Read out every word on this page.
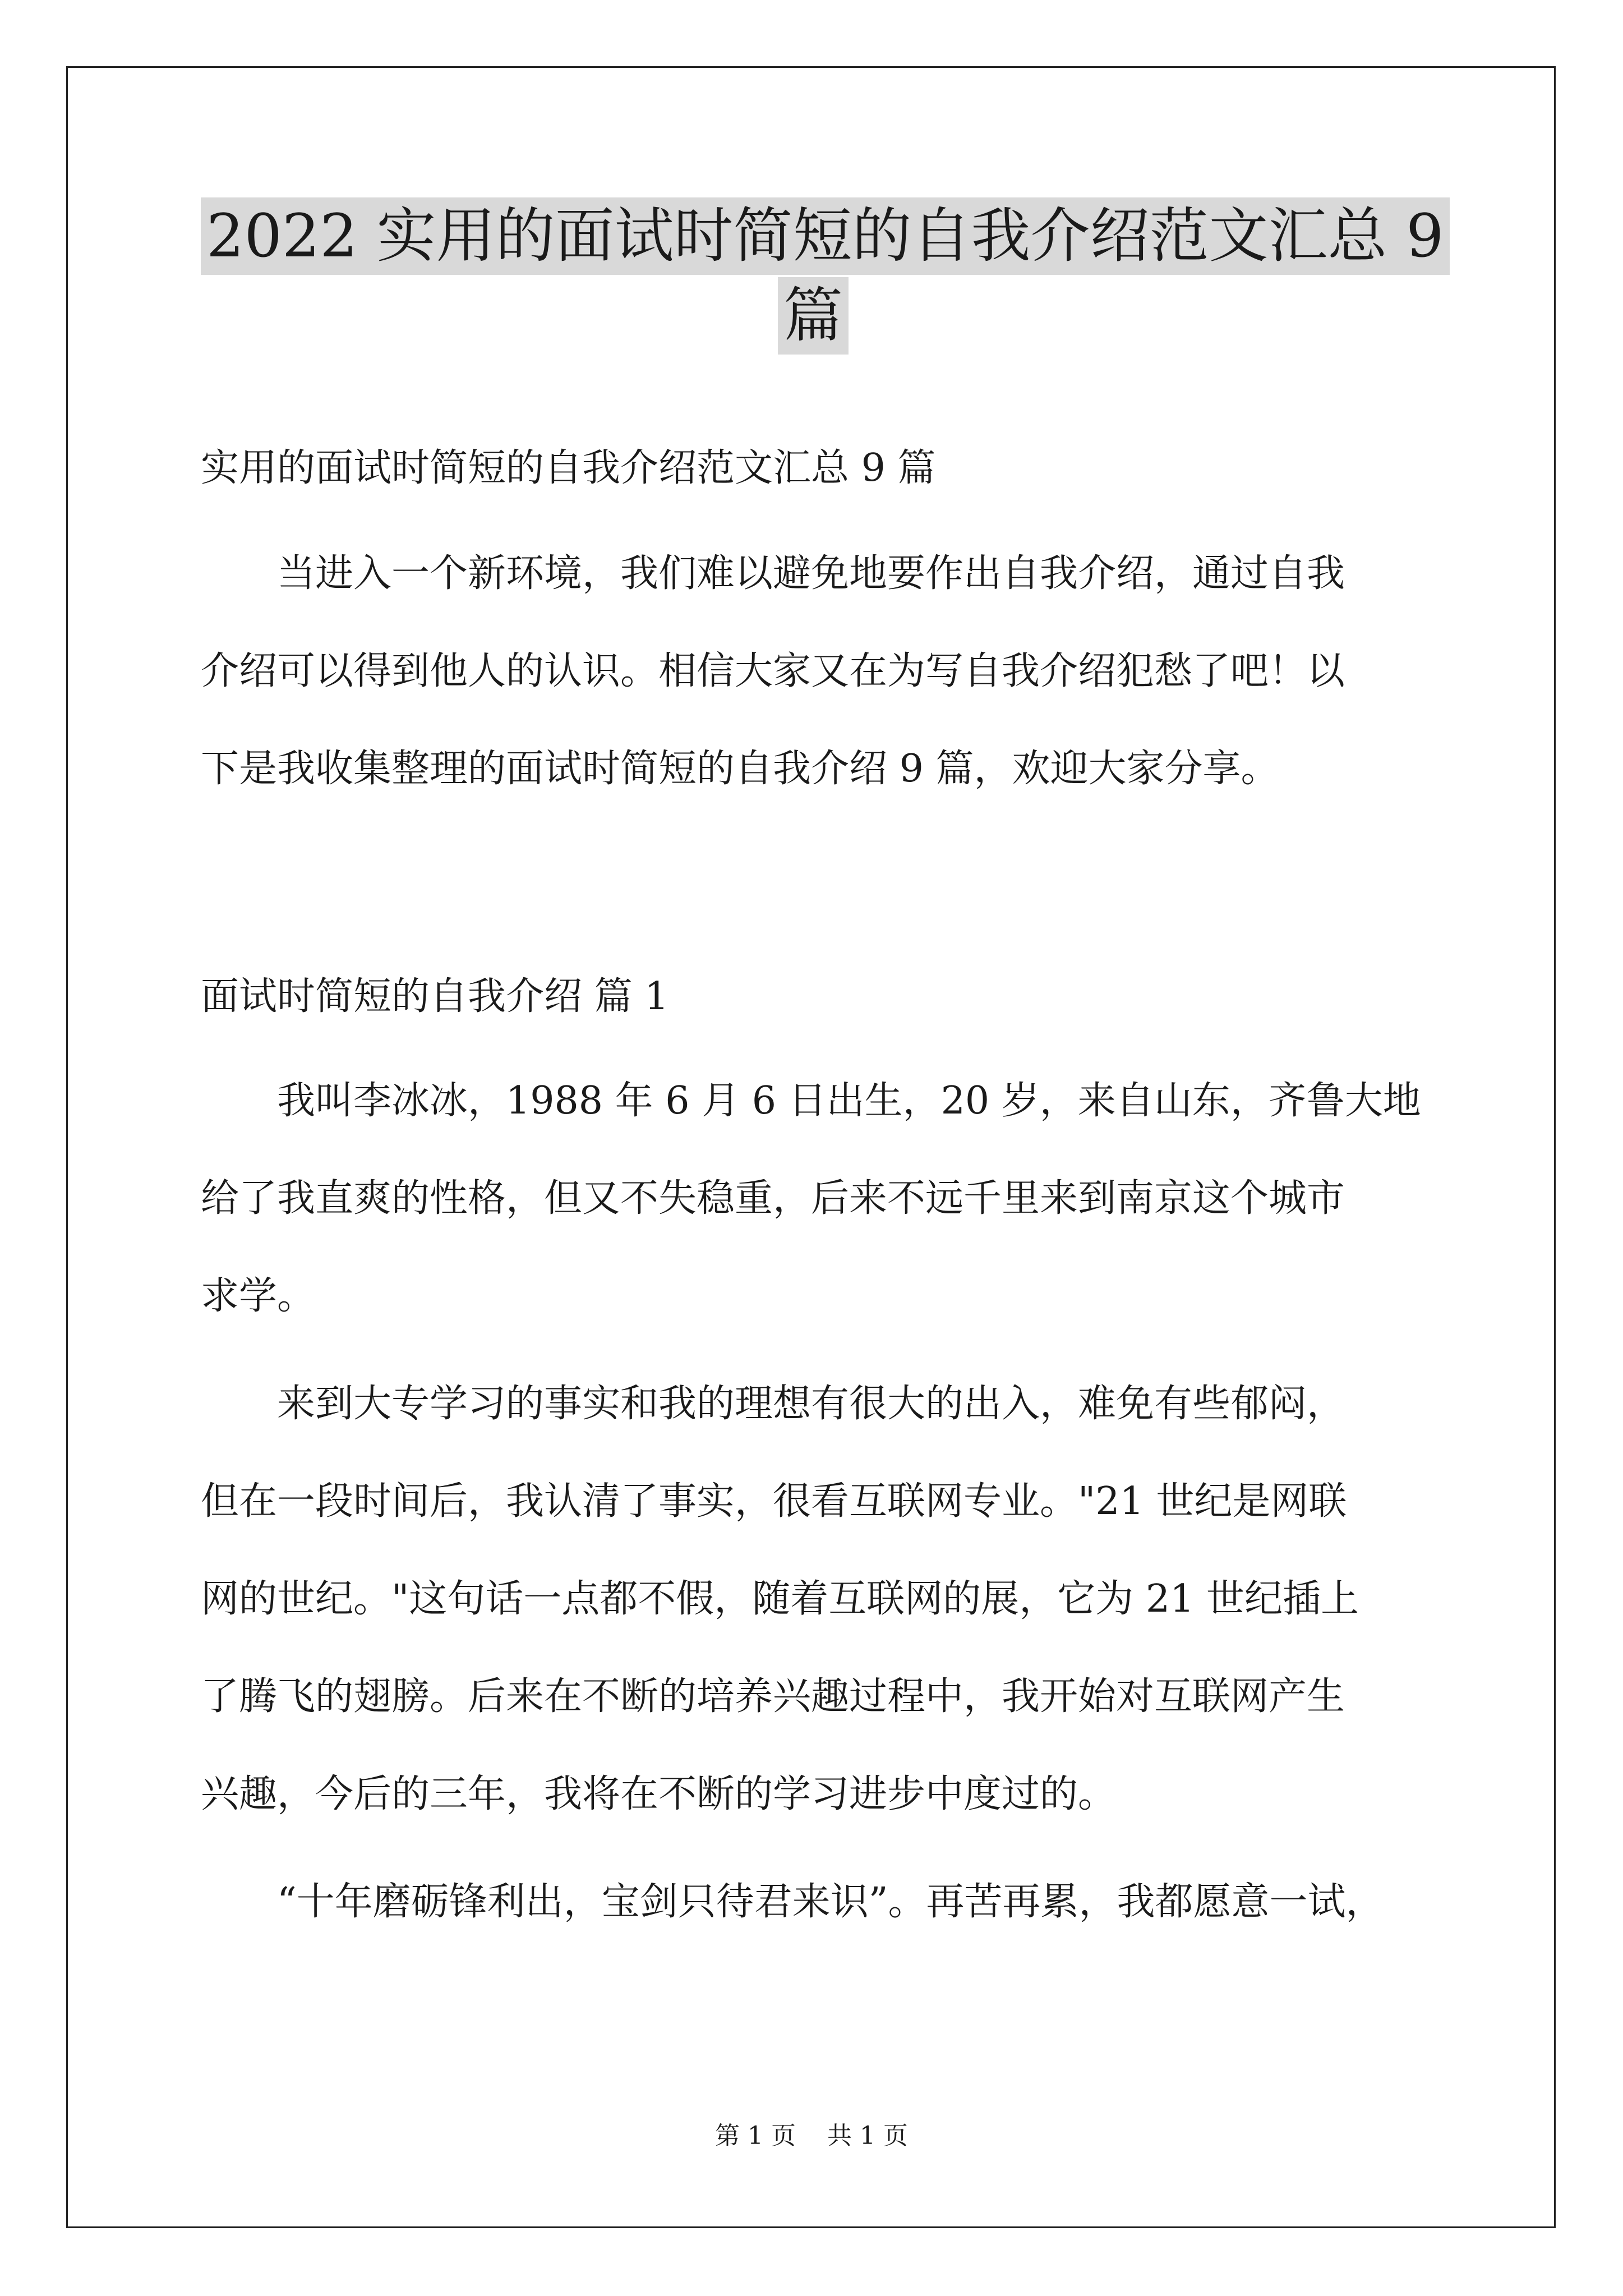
2022 实用的面试时简短的自我介绍范文汇总 9
篇
实用的面试时简短的自我介绍范文汇总 9 篇
　　当进入一个新环境，我们难以避免地要作出自我介绍，通过自我
介绍可以得到他人的认识。相信大家又在为写自我介绍犯愁了吧！以
下是我收集整理的面试时简短的自我介绍 9 篇，欢迎大家分享。
面试时简短的自我介绍 篇 1
　　我叫李冰冰，1988 年 6 月 6 日出生，20 岁，来自山东，齐鲁大地
给了我直爽的性格，但又不失稳重，后来不远千里来到南京这个城市
求学。
　　来到大专学习的事实和我的理想有很大的出入，难免有些郁闷，
但在一段时间后，我认清了事实，很看互联网专业。"21 世纪是网联
网的世纪。"这句话一点都不假，随着互联网的展，它为 21 世纪插上
了腾飞的翅膀。后来在不断的培养兴趣过程中，我开始对互联网产生
兴趣，今后的三年，我将在不断的学习进步中度过的。
　　“十年磨砺锋利出，宝剑只待君来识”。再苦再累，我都愿意一试，
第 1 页 共 1 页
